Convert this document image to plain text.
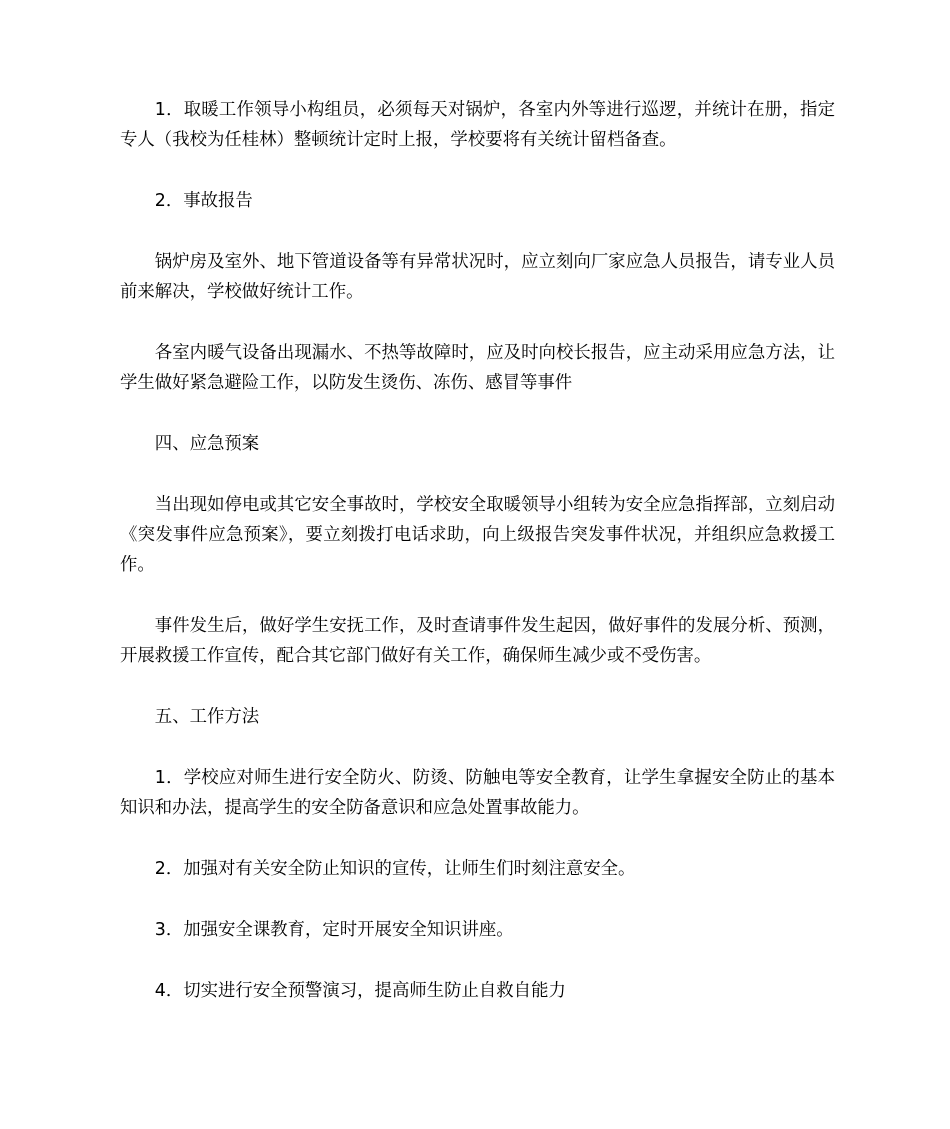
1．取暖工作领导小构组员，必须每天对锅炉，各室内外等进行巡逻，并统计在册，指定专人（我校为任桂林）整顿统计定时上报，学校要将有关统计留档备查。

2．事故报告

锅炉房及室外、地下管道设备等有异常状况时，应立刻向厂家应急人员报告，请专业人员前来解决，学校做好统计工作。

各室内暖气设备出现漏水、不热等故障时，应及时向校长报告，应主动采用应急方法，让学生做好紧急避险工作，以防发生烫伤、冻伤、感冒等事件

四、应急预案

当出现如停电或其它安全事故时，学校安全取暖领导小组转为安全应急指挥部，立刻启动《突发事件应急预案》，要立刻拨打电话求助，向上级报告突发事件状况，并组织应急救援工作。

事件发生后，做好学生安抚工作，及时查请事件发生起因，做好事件的发展分析、预测，开展救援工作宣传，配合其它部门做好有关工作，确保师生减少或不受伤害。

五、工作方法

1．学校应对师生进行安全防火、防烫、防触电等安全教育，让学生拿握安全防止的基本知识和办法，提高学生的安全防备意识和应急处置事故能力。

2．加强对有关安全防止知识的宣传，让师生们时刻注意安全。

3．加强安全课教育，定时开展安全知识讲座。

4．切实进行安全预警演习，提高师生防止自救自能力
